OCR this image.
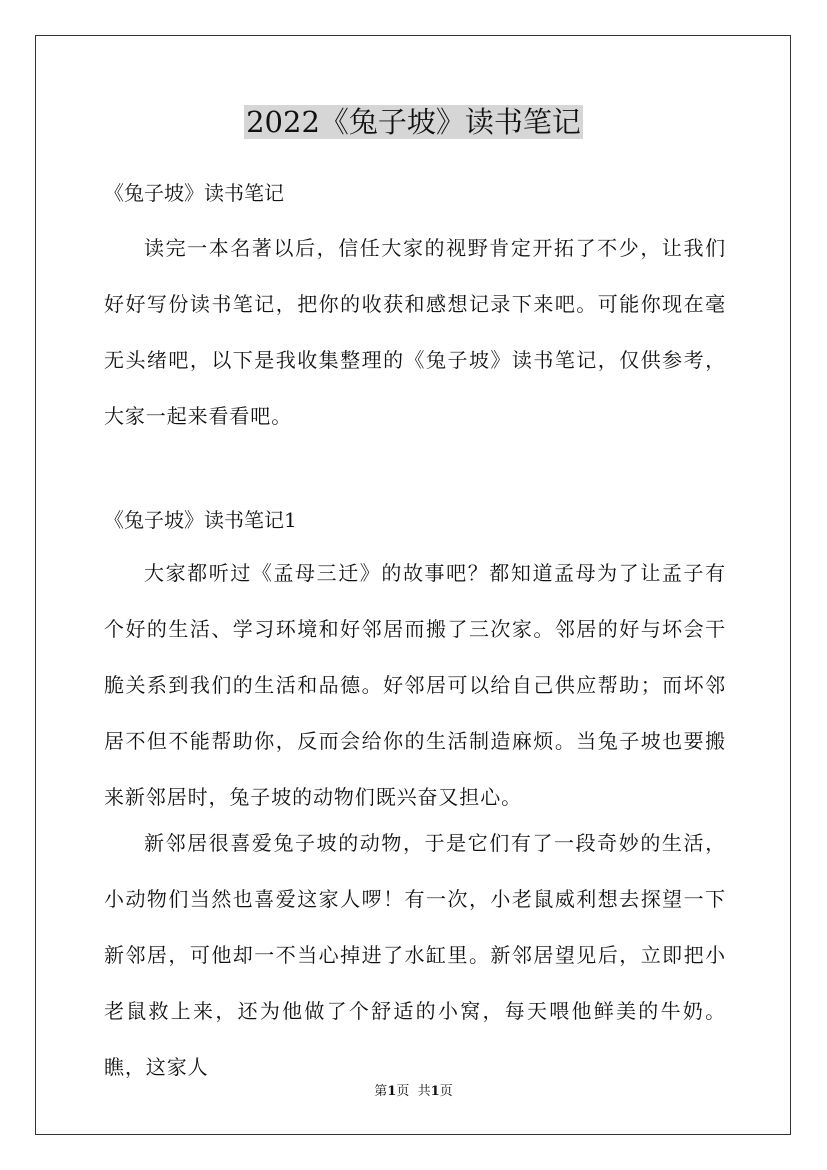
2022《兔子坡》读书笔记

《兔子坡》读书笔记

读完一本名著以后，信任大家的视野肯定开拓了不少，让我们好好写份读书笔记，把你的收获和感想记录下来吧。可能你现在毫无头绪吧，以下是我收集整理的《兔子坡》读书笔记，仅供参考，大家一起来看看吧。

《兔子坡》读书笔记1

大家都听过《孟母三迁》的故事吧？都知道孟母为了让孟子有个好的生活、学习环境和好邻居而搬了三次家。邻居的好与坏会干脆关系到我们的生活和品德。好邻居可以给自己供应帮助；而坏邻居不但不能帮助你，反而会给你的生活制造麻烦。当兔子坡也要搬来新邻居时，兔子坡的动物们既兴奋又担心。

新邻居很喜爱兔子坡的动物，于是它们有了一段奇妙的生活，小动物们当然也喜爱这家人啰！有一次，小老鼠威利想去探望一下新邻居，可他却一不当心掉进了水缸里。新邻居望见后，立即把小老鼠救上来，还为他做了个舒适的小窝，每天喂他鲜美的牛奶。瞧，这家人

第1页 共1页
